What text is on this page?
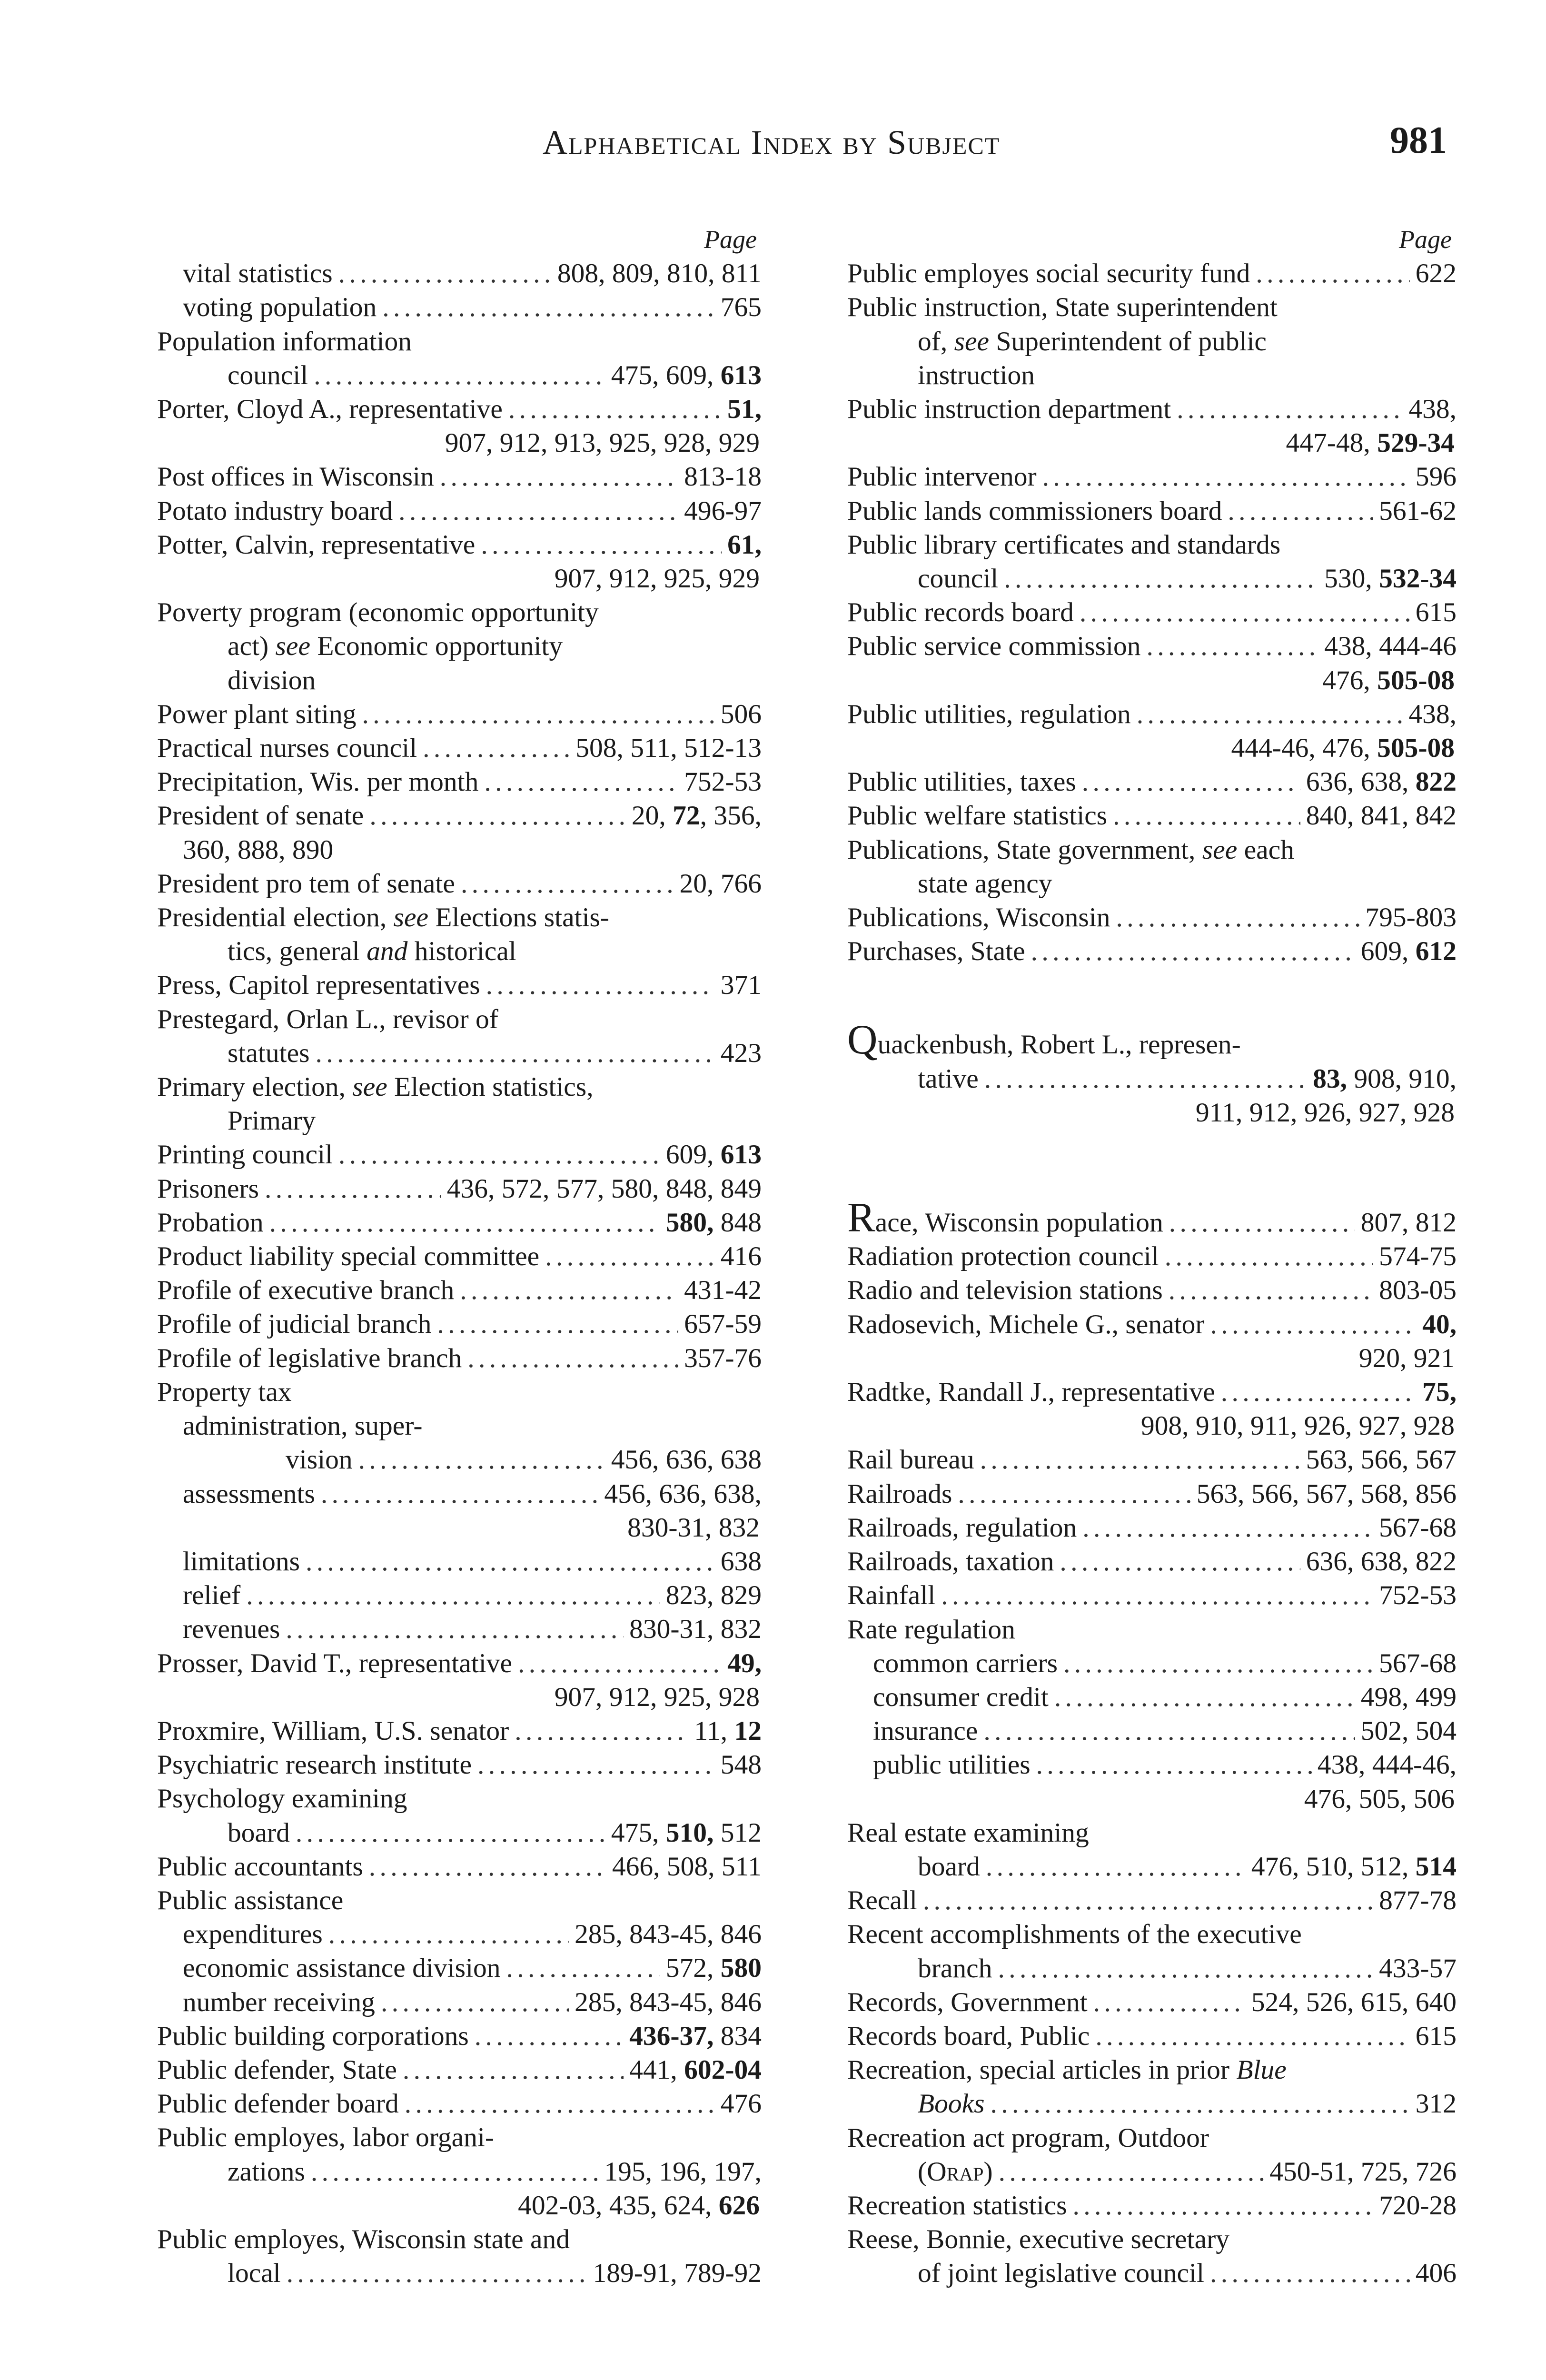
Alphabetical Index by Subject	981
Page
vital statistics . . .	808, 809, 810, 811
voting population . . .	765
Population information
council . . .	475, 609, 613
Porter, Cloyd A., representative . . .	51,
907, 912, 913, 925, 928, 929
Post offices in Wisconsin . . .	813-18
Potato industry board . . .	496-97
Potter, Calvin, representative . . .	61,
907, 912, 925, 929
Poverty program (economic opportunity
act) see Economic opportunity
division
Power plant siting . . .	506
Practical nurses council . . .	508, 511, 512-13
Precipitation, Wis. per month . . .	752-53
President of senate . . .	20, 72, 356,
360, 888, 890
President pro tem of senate . . .	20, 766
Presidential election, see Elections statis-
tics, general and historical
Press, Capitol representatives . . .	371
Prestegard, Orlan L., revisor of
statutes . . .	423
Primary election, see Election statistics,
Primary
Printing council . . .	609, 613
Prisoners . . .	436, 572, 577, 580, 848, 849
Probation . . .	580, 848
Product liability special committee . . .	416
Profile of executive branch . . .	431-42
Profile of judicial branch . . .	657-59
Profile of legislative branch . . .	357-76
Property tax
administration, super-
vision . . .	456, 636, 638
assessments . . .	456, 636, 638,
830-31, 832
limitations . . .	638
relief . . .	823, 829
revenues . . .	830-31, 832
Prosser, David T., representative . . .	49,
907, 912, 925, 928
Proxmire, William, U.S. senator . . .	11, 12
Psychiatric research institute . . .	548
Psychology examining
board . . .	475, 510, 512
Public accountants . . .	466, 508, 511
Public assistance
expenditures . . .	285, 843-45, 846
economic assistance division . . .	572, 580
number receiving . . .	285, 843-45, 846
Public building corporations . . .	436-37, 834
Public defender, State . . .	441, 602-04
Public defender board . . .	476
Public employes, labor organi-
zations . . .	195, 196, 197,
402-03, 435, 624, 626
Public employes, Wisconsin state and
local . . .	189-91, 789-92
Page
Public employes social security fund . . .	622
Public instruction, State superintendent
of, see Superintendent of public
instruction
Public instruction department . . .	438,
447-48, 529-34
Public intervenor . . .	596
Public lands commissioners board . . .	561-62
Public library certificates and standards
council . . .	530, 532-34
Public records board . . .	615
Public service commission . . .	438, 444-46
476, 505-08
Public utilities, regulation . . .	438,
444-46, 476, 505-08
Public utilities, taxes . . .	636, 638, 822
Public welfare statistics . . .	840, 841, 842
Publications, State government, see each
state agency
Publications, Wisconsin . . .	795-803
Purchases, State . . .	609, 612
Quackenbush, Robert L., represen-
tative . . .	83, 908, 910,
911, 912, 926, 927, 928
Race, Wisconsin population . . .	807, 812
Radiation protection council . . .	574-75
Radio and television stations . . .	803-05
Radosevich, Michele G., senator . . .	40,
920, 921
Radtke, Randall J., representative . . .	75,
908, 910, 911, 926, 927, 928
Rail bureau . . .	563, 566, 567
Railroads . . .	563, 566, 567, 568, 856
Railroads, regulation . . .	567-68
Railroads, taxation . . .	636, 638, 822
Rainfall . . .	752-53
Rate regulation
common carriers . . .	567-68
consumer credit . . .	498, 499
insurance . . .	502, 504
public utilities . . .	438, 444-46,
476, 505, 506
Real estate examining
board . . .	476, 510, 512, 514
Recall . . .	877-78
Recent accomplishments of the executive
branch . . .	433-57
Records, Government . . .	524, 526, 615, 640
Records board, Public . . .	615
Recreation, special articles in prior Blue
Books . . .	312
Recreation act program, Outdoor
(Orap) . . .	450-51, 725, 726
Recreation statistics . . .	720-28
Reese, Bonnie, executive secretary
of joint legislative council . . .	406
